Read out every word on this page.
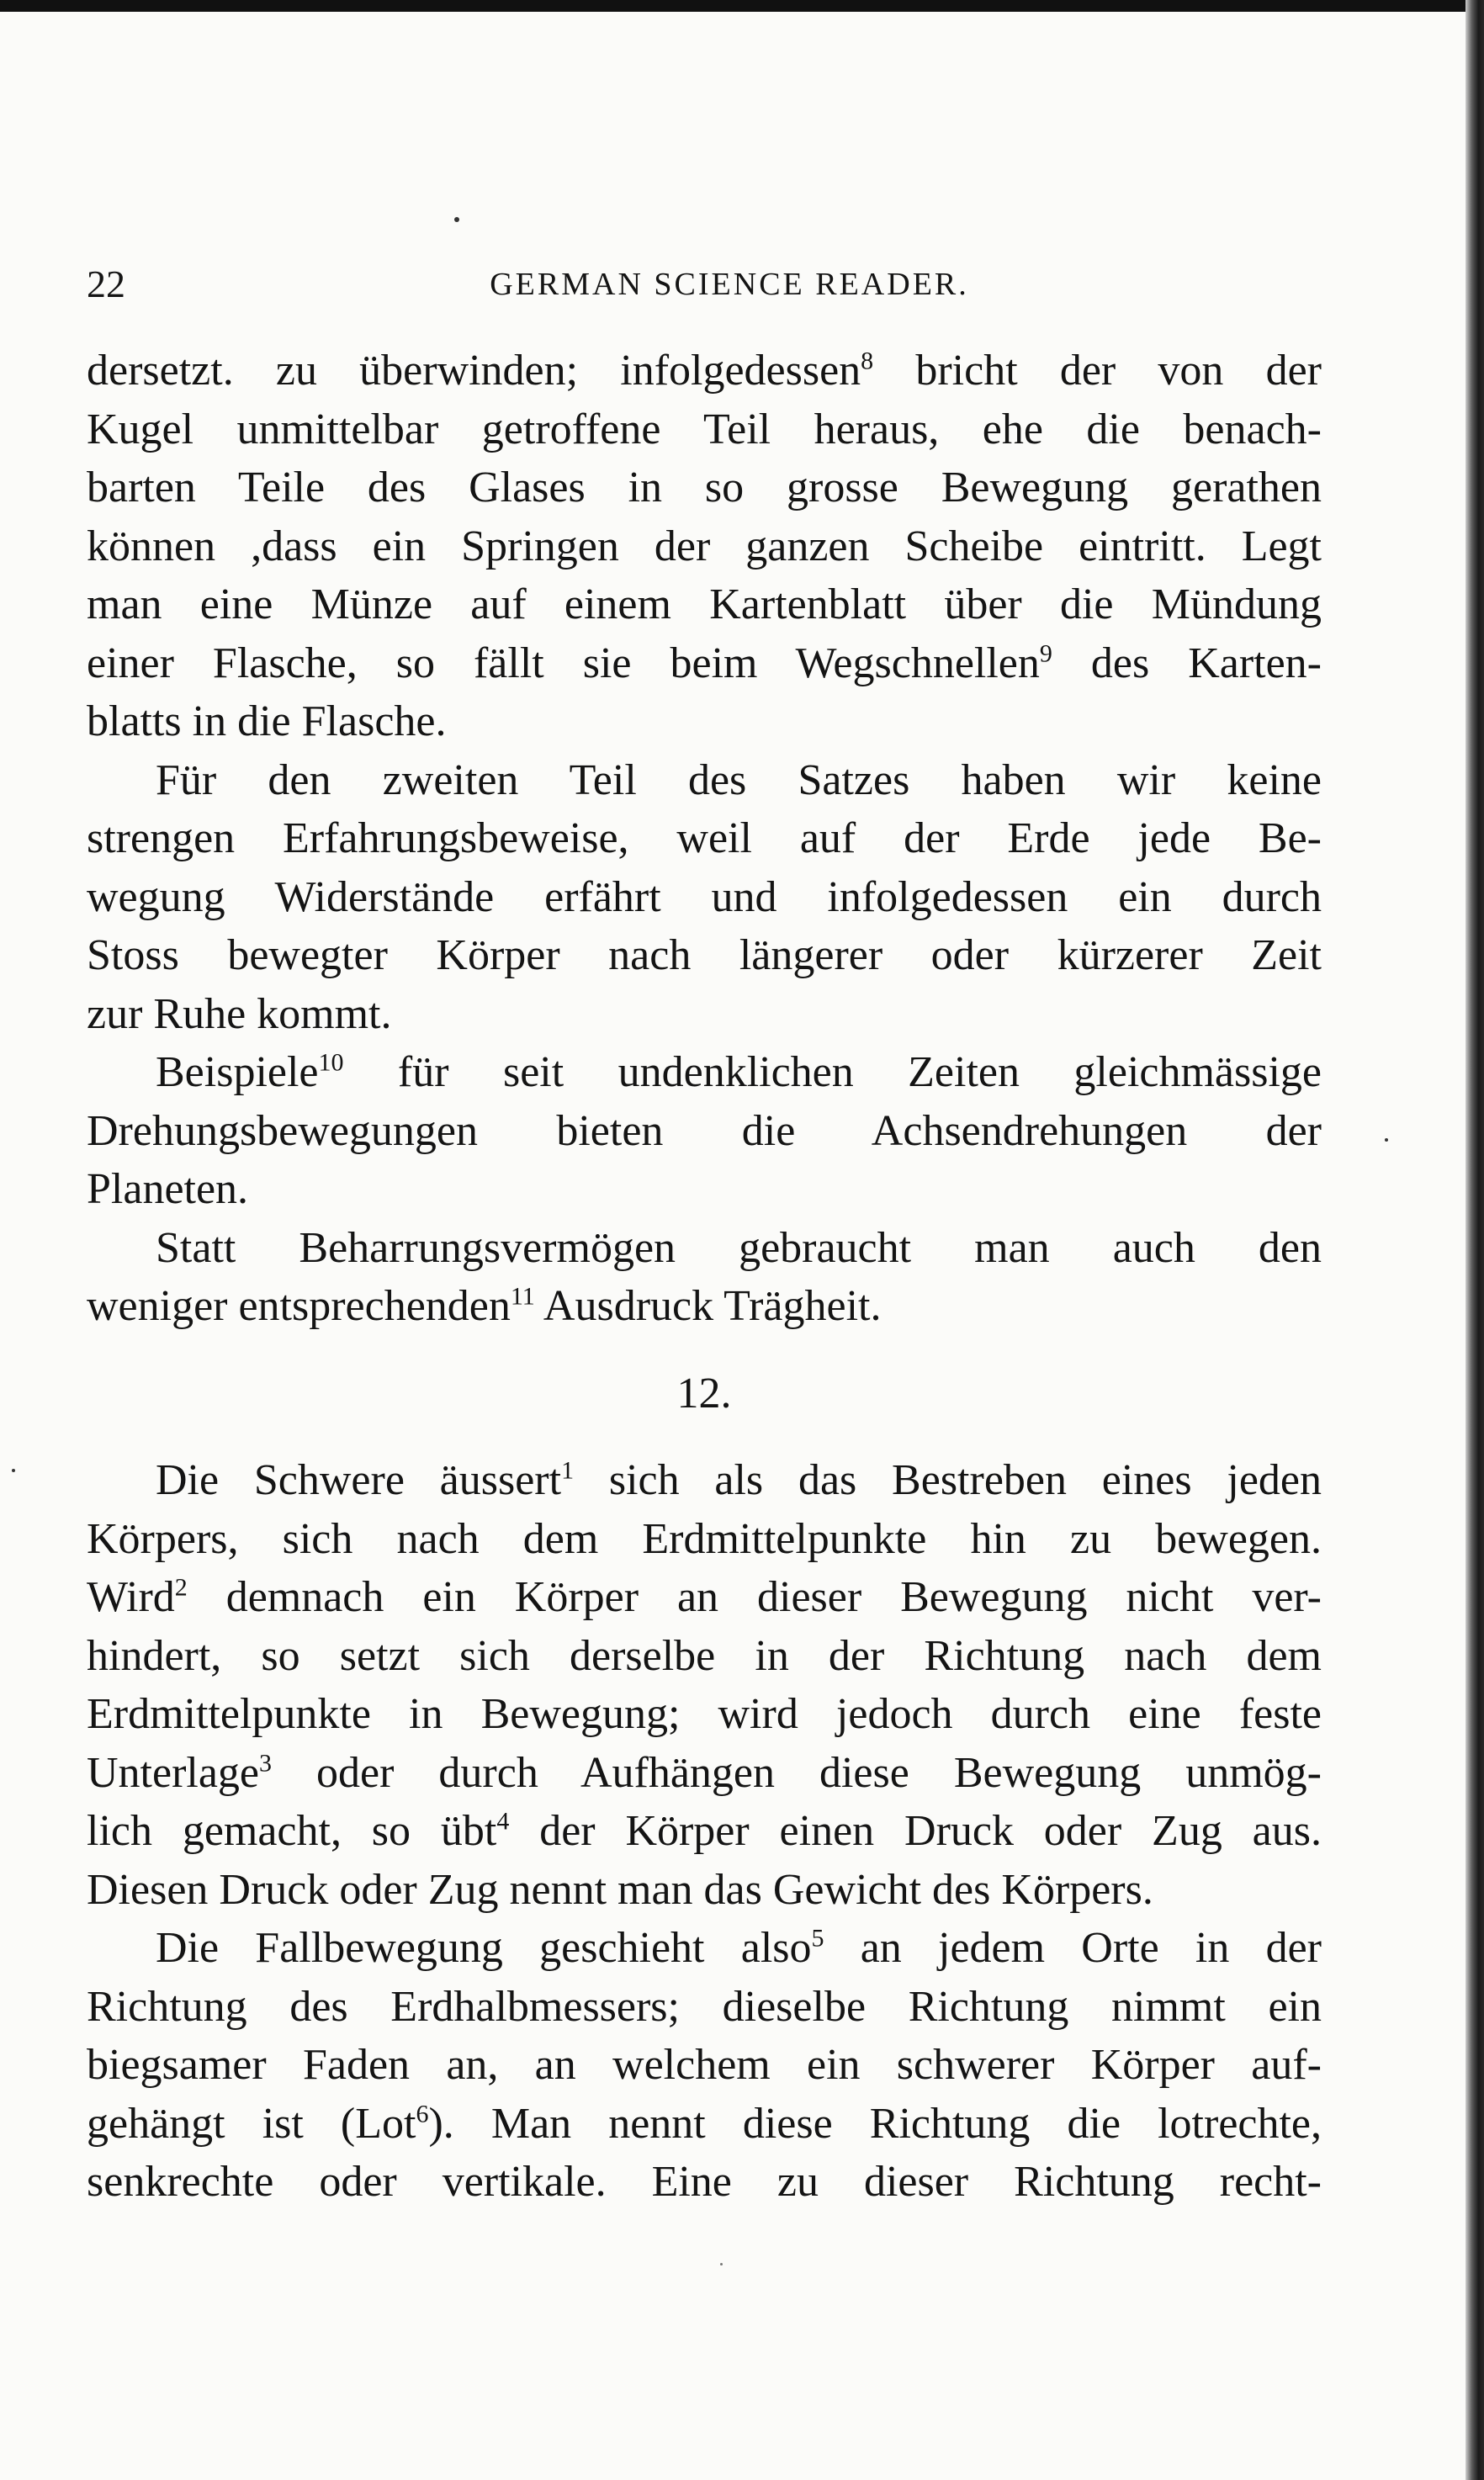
22	GERMAN SCIENCE READER.

dersetzt. zu überwinden; infolgedessen$^8$ bricht der von der
Kugel unmittelbar getroffene Teil heraus, ehe die benach-
barten Teile des Glases in so grosse Bewegung gerathen
können ,dass ein Springen der ganzen Scheibe eintritt. Legt
man eine Münze auf einem Kartenblatt über die Mündung
einer Flasche, so fällt sie beim Wegschnellen$^9$ des Karten-
blatts in die Flasche.

Für den zweiten Teil des Satzes haben wir keine
strengen Erfahrungsbeweise, weil auf der Erde jede Be-
wegung Widerstände erfährt und infolgedessen ein durch
Stoss bewegter Körper nach längerer oder kürzerer Zeit
zur Ruhe kommt.

Beispiele$^{10}$ für seit undenklichen Zeiten gleichmässige
Drehungsbewegungen bieten die Achsendrehungen der
Planeten.

Statt Beharrungsvermögen gebraucht man auch den
weniger entsprechenden$^{11}$ Ausdruck Trägheit.

12.

Die Schwere äussert$^1$ sich als das Bestreben eines jeden
Körpers, sich nach dem Erdmittelpunkte hin zu bewegen.
Wird$^2$ demnach ein Körper an dieser Bewegung nicht ver-
hindert, so setzt sich derselbe in der Richtung nach dem
Erdmittelpunkte in Bewegung; wird jedoch durch eine feste
Unterlage$^3$ oder durch Aufhängen diese Bewegung unmög-
lich gemacht, so übt$^4$ der Körper einen Druck oder Zug aus.
Diesen Druck oder Zug nennt man das Gewicht des Körpers.

Die Fallbewegung geschieht also$^5$ an jedem Orte in der
Richtung des Erdhalbmessers; dieselbe Richtung nimmt ein
biegsamer Faden an, an welchem ein schwerer Körper auf-
gehängt ist (Lot$^6$). Man nennt diese Richtung die lotrechte,
senkrechte oder vertikale. Eine zu dieser Richtung recht-
